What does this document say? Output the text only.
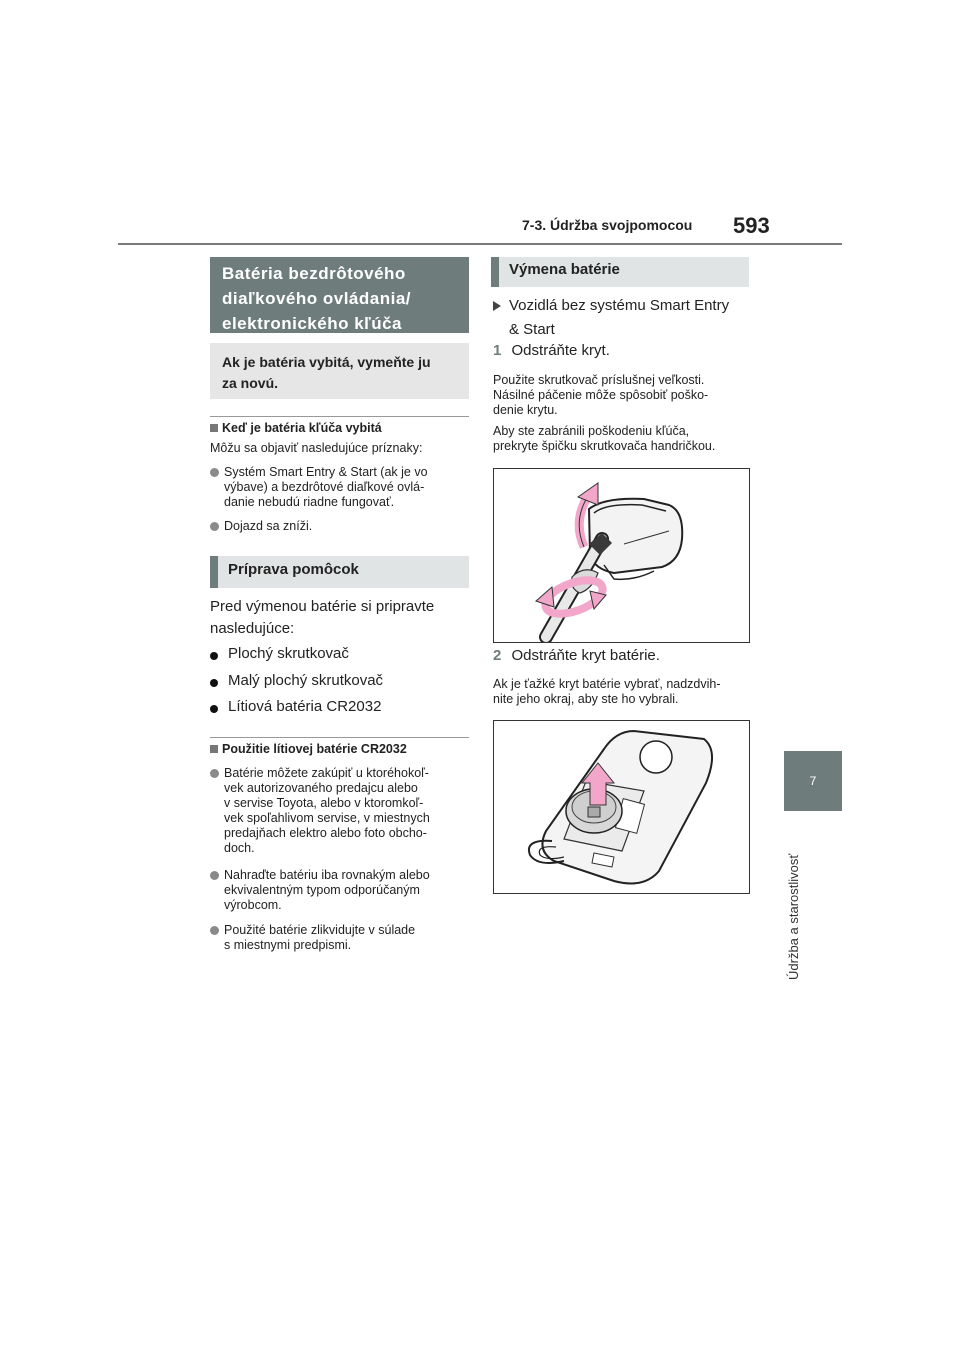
7-3. Údržba svojpomocou 593
7
Údržba a starostlivosť
Batéria bezdrôtového
diaľkového ovládania/
elektronického kľúča
Ak je batéria vybitá, vymeňte ju
za novú.
Keď je batéria kľúča vybitá
Môžu sa objaviť nasledujúce príznaky:
Systém Smart Entry & Start (ak je vo
výbave) a bezdrôtové diaľkové ovlá-
danie nebudú riadne fungovať.
Dojazd sa zníži.
Príprava pomôcok
Pred výmenou batérie si pripravte
nasledujúce:
Plochý skrutkovač
Malý plochý skrutkovač
Lítiová batéria CR2032
Použitie lítiovej batérie CR2032
Batérie môžete zakúpiť u ktoréhokoľ-
vek autorizovaného predajcu alebo
v servise Toyota, alebo v ktoromkoľ-
vek spoľahlivom servise, v miestnych
predajňach elektro alebo foto obcho-
doch.
Nahraďte batériu iba rovnakým alebo
ekvivalentným typom odporúčaným
výrobcom.
Použité batérie zlikvidujte v súlade
s miestnymi predpismi.
Výmena batérie
Vozidlá bez systému Smart Entry
& Start
1 Odstráňte kryt.
Použite skrutkovač príslušnej veľkosti.
Násilné páčenie môže spôsobiť poško-
denie krytu.
Aby ste zabránili poškodeniu kľúča,
prekryte špičku skrutkovača handričkou.
2 Odstráňte kryt batérie.
Ak je ťažké kryt batérie vybrať, nadzdvih-
nite jeho okraj, aby ste ho vybrali.
